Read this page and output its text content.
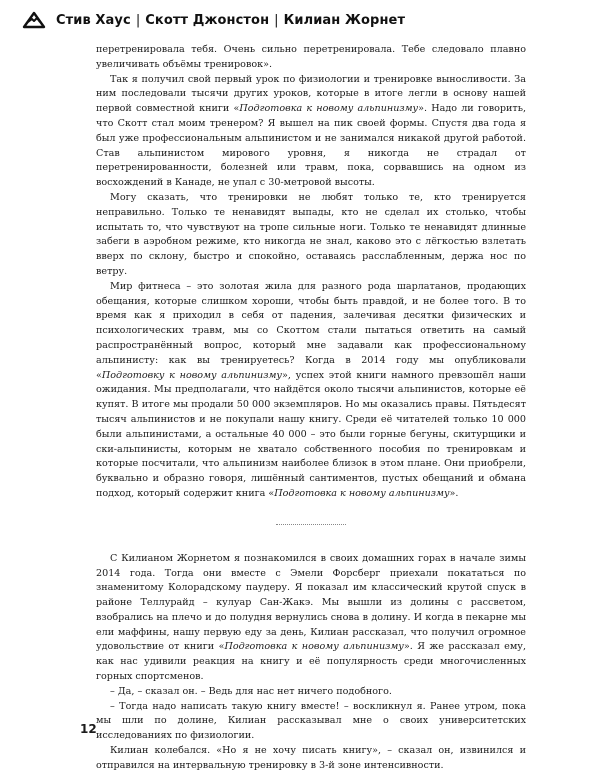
Стив Хаус | Скотт Джонстон | Килиан Жорнет

перетренировала тебя. Очень сильно перетренировала. Тебе следовало плавно увеличивать объёмы тренировок».

Так я получил свой первый урок по физиологии и тренировке выносливости. За ним последовали тысячи других уроков, которые в итоге легли в основу нашей первой совместной книги «Подготовка к новому альпинизму». Надо ли говорить, что Скотт стал моим тренером? Я вышел на пик своей формы. Спустя два года я был уже профессиональным альпинистом и не занимался никакой другой работой. Став альпинистом мирового уровня, я никогда не страдал от перетренированности, болезней или травм, пока, сорвавшись на одном из восхождений в Канаде, не упал с 30-метровой высоты.

Могу сказать, что тренировки не любят только те, кто тренируется неправильно. Только те ненавидят выпады, кто не сделал их столько, чтобы испытать то, что чувствуют на тропе сильные ноги. Только те ненавидят длинные забеги в аэробном режиме, кто никогда не знал, каково это с лёгкостью взлетать вверх по склону, быстро и спокойно, оставаясь расслабленным, держа нос по ветру.

Мир фитнеса – это золотая жила для разного рода шарлатанов, продающих обещания, которые слишком хороши, чтобы быть правдой, и не более того. В то время как я приходил в себя от падения, залечивая десятки физических и психологических травм, мы со Скоттом стали пытаться ответить на самый распространённый вопрос, который мне задавали как профессиональному альпинисту: как вы тренируетесь? Когда в 2014 году мы опубликовали «Подготовку к новому альпинизму», успех этой книги намного превзошёл наши ожидания. Мы предполагали, что найдётся около тысячи альпинистов, которые её купят. В итоге мы продали 50 000 экземпляров. Но мы оказались правы. Пятьдесят тысяч альпинистов и не покупали нашу книгу. Среди её читателей только 10 000 были альпинистами, а остальные 40 000 – это были горные бегуны, скитурщики и ски-альпинисты, которым не хватало собственного пособия по тренировкам и которые посчитали, что альпинизм наиболее близок в этом плане. Они приобрели, буквально и образно говоря, лишённый сантиментов, пустых обещаний и обмана подход, который содержит книга «Подготовка к новому альпинизму».

С Килианом Жорнетом я познакомился в своих домашних горах в начале зимы 2014 года. Тогда они вместе с Эмели Форсберг приехали покататься по знаменитому Колорадскому паудеру. Я показал им классический крутой спуск в районе Теллурайд – кулуар Сан-Жакэ. Мы вышли из долины с рассветом, взобрались на плечо и до полудня вернулись снова в долину. И когда в пекарне мы ели маффины, нашу первую еду за день, Килиан рассказал, что получил огромное удовольствие от книги «Подготовка к новому альпинизму». Я же рассказал ему, как нас удивили реакция на книгу и её популярность среди многочисленных горных спортсменов.

– Да, – сказал он. – Ведь для нас нет ничего подобного.

– Тогда надо написать такую книгу вместе! – воскликнул я. Ранее утром, пока мы шли по долине, Килиан рассказывал мне о своих университетских исследованиях по физиологии.

Килиан колебался. «Но я не хочу писать книгу», – сказал он, извинился и отправился на интервальную тренировку в 3-й зоне интенсивности.

12
